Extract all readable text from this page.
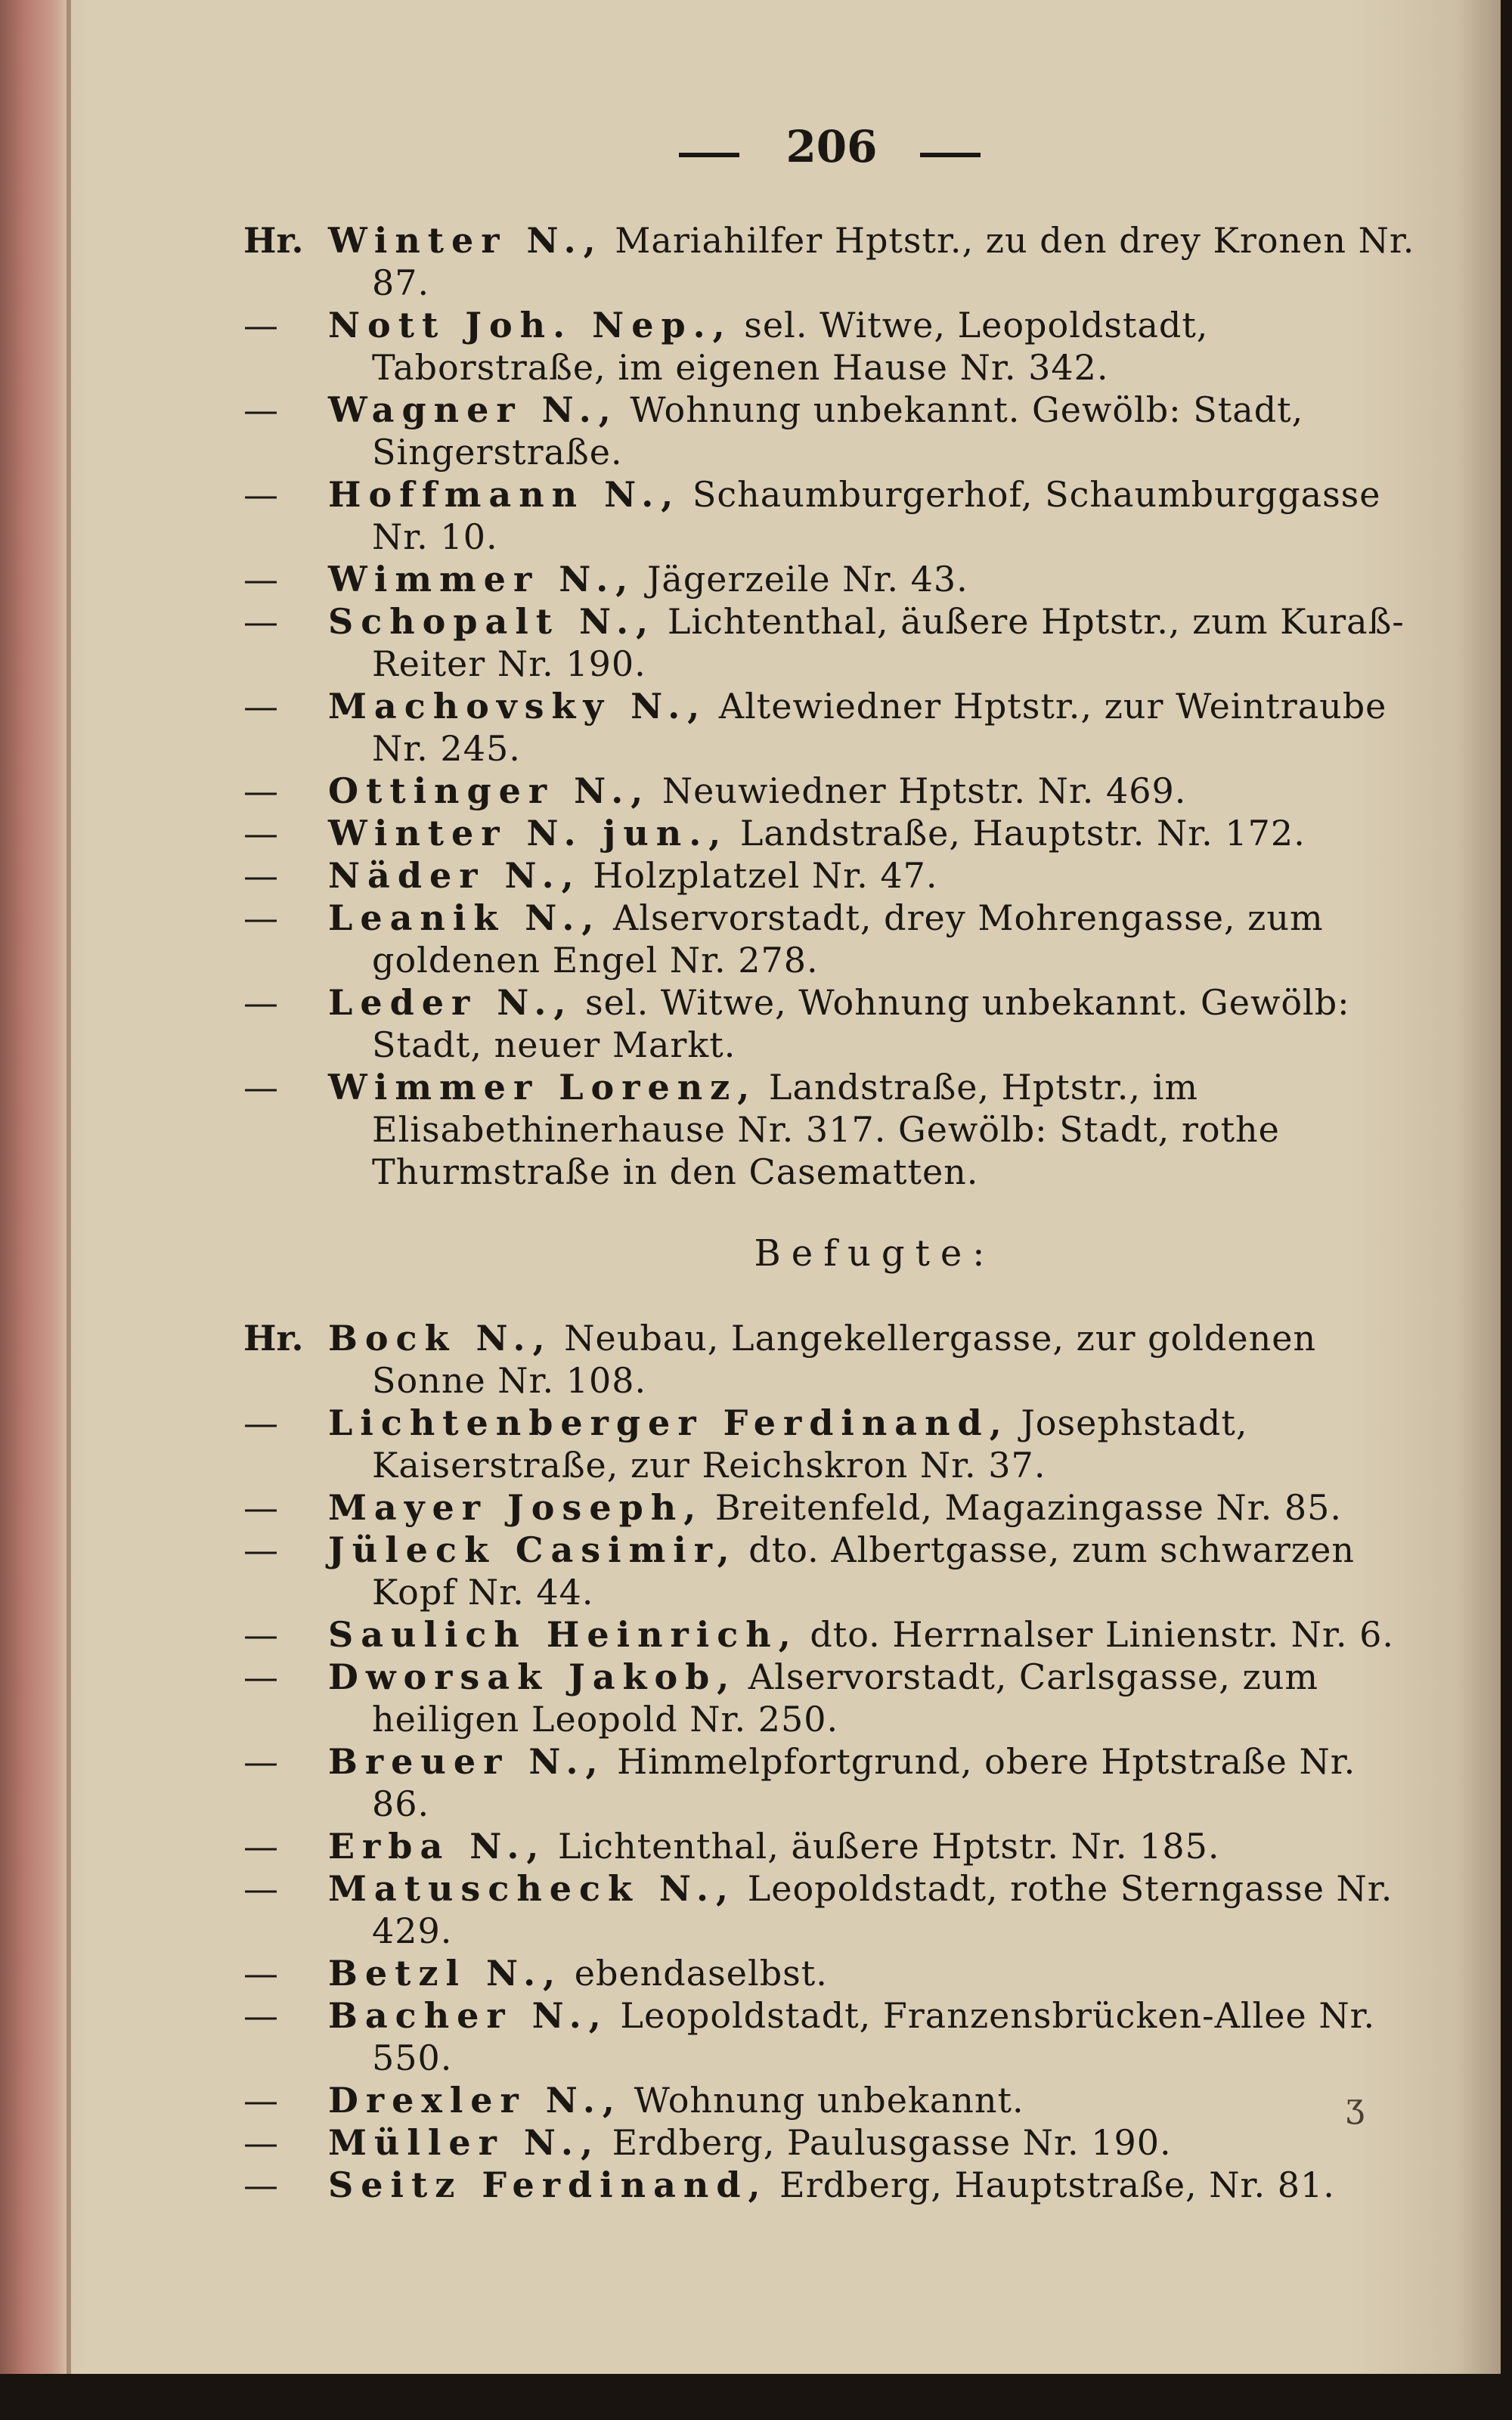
206
Hr. Winter N., Mariahilfer Hptstr., zu den drey Kronen Nr. 87.
— Nott Joh. Nep., sel. Witwe, Leopoldstadt, Taborstraße, im eigenen Hause Nr. 342.
— Wagner N., Wohnung unbekannt. Gewölb: Stadt, Singerstraße.
— Hoffmann N., Schaumburgerhof, Schaumburggasse Nr. 10.
— Wimmer N., Jägerzeile Nr. 43.
— Schopalt N., Lichtenthal, äußere Hptstr., zum Kuraß-Reiter Nr. 190.
— Machovsky N., Altewiedner Hptstr., zur Weintraube Nr. 245.
— Ottinger N., Neuwiedner Hptstr. Nr. 469.
— Winter N. jun., Landstraße, Hauptstr. Nr. 172.
— Näder N., Holzplatzel Nr. 47.
— Leanik N., Alservorstadt, drey Mohrengasse, zum goldenen Engel Nr. 278.
— Leder N., sel. Witwe, Wohnung unbekannt. Gewölb: Stadt, neuer Markt.
— Wimmer Lorenz, Landstraße, Hptstr., im Elisabethinerhause Nr. 317. Gewölb: Stadt, rothe Thurmstraße in den Casematten.
Befugte:
Hr. Bock N., Neubau, Langekellergasse, zur goldenen Sonne Nr. 108.
— Lichtenberger Ferdinand, Josephstadt, Kaiserstraße, zur Reichskron Nr. 37.
— Mayer Joseph, Breitenfeld, Magazingasse Nr. 85.
— Jüleck Casimir, dto. Albertgasse, zum schwarzen Kopf Nr. 44.
— Saulich Heinrich, dto. Herrnalser Linienstr. Nr. 6.
— Dworsak Jakob, Alservorstadt, Carlsgasse, zum heiligen Leopold Nr. 250.
— Breuer N., Himmelpfortgrund, obere Hptstraße Nr. 86.
— Erba N., Lichtenthal, äußere Hptstr. Nr. 185.
— Matuscheck N., Leopoldstadt, rothe Sterngasse Nr. 429.
— Betzl N., ebendaselbst.
— Bacher N., Leopoldstadt, Franzensbrücken-Allee Nr. 550.
— Drexler N., Wohnung unbekannt.
— Müller N., Erdberg, Paulusgasse Nr. 190.
— Seitz Ferdinand, Erdberg, Hauptstraße, Nr. 81.
ʒ
